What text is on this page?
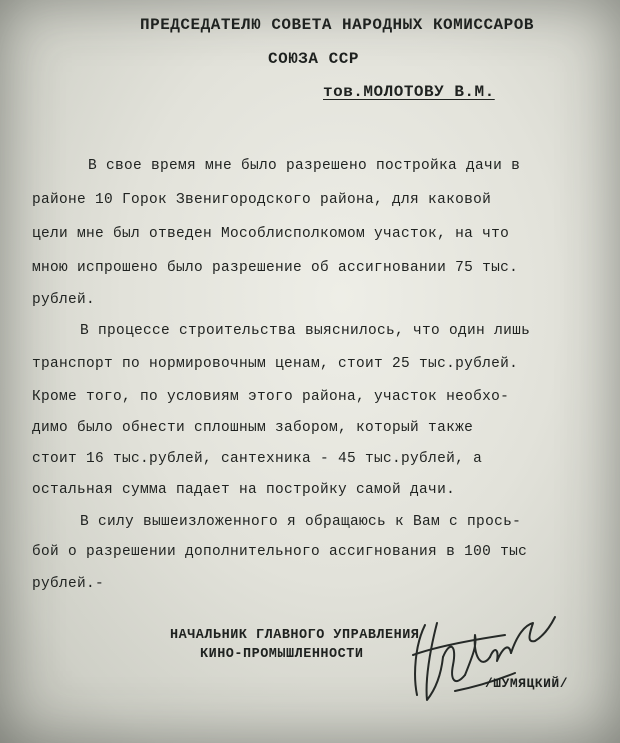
ПРЕДСЕДАТЕЛЮ СОВЕТА НАРОДНЫХ КОМИССАРОВ
СОЮЗА ССР
тов.МОЛОТОВУ В.М.
В свое время мне было разрешено постройка дачи в
районе 10 Горок Звенигородского района, для каковой
цели мне был отведен Мособлисполкомом участок, на что
мною испрошено было разрешение об ассигновании 75 тыс.
рублей.
В процессе строительства выяснилось, что один лишь
транспорт по нормировочным ценам, стоит 25 тыс.рублей.
Кроме того, по условиям этого района, участок необхо-
димо было обнести сплошным забором, который также
стоит 16 тыс.рублей, сантехника - 45 тыс.рублей, а
остальная сумма падает на постройку самой дачи.
В силу вышеизложенного я обращаюсь к Вам с прось-
бой о разрешении дополнительного ассигнования в 100 тыс
рублей.-
НАЧАЛЬНИК ГЛАВНОГО УПРАВЛЕНИЯ
КИНО-ПРОМЫШЛЕННОСТИ
/ШУМЯЦКИЙ/
